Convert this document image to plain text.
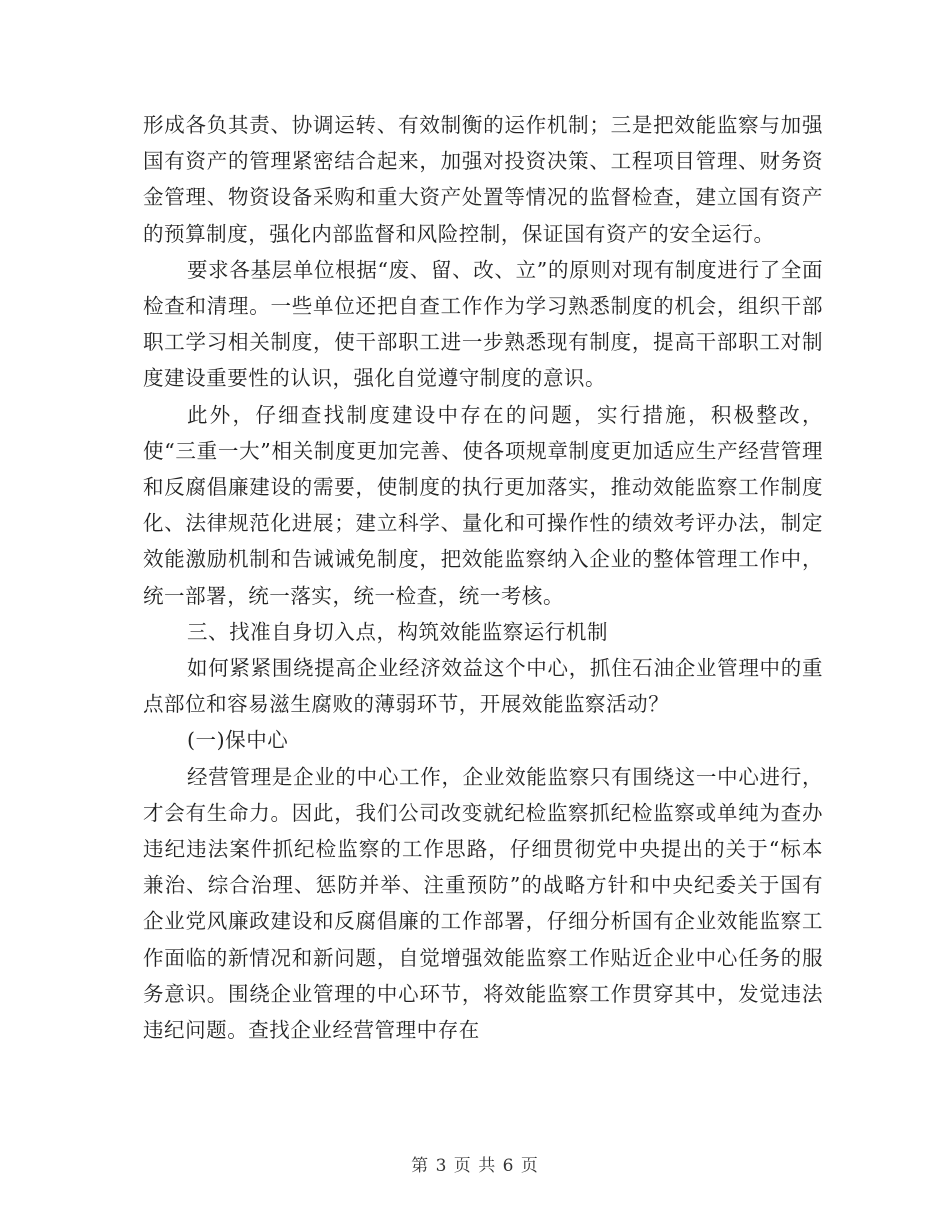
形成各负其责、协调运转、有效制衡的运作机制；三是把效能监察与加强国有资产的管理紧密结合起来，加强对投资决策、工程项目管理、财务资金管理、物资设备采购和重大资产处置等情况的监督检查，建立国有资产的预算制度，强化内部监督和风险控制，保证国有资产的安全运行。

要求各基层单位根据“废、留、改、立”的原则对现有制度进行了全面检查和清理。一些单位还把自查工作作为学习熟悉制度的机会，组织干部职工学习相关制度，使干部职工进一步熟悉现有制度，提高干部职工对制度建设重要性的认识，强化自觉遵守制度的意识。

此外，仔细查找制度建设中存在的问题，实行措施，积极整改，使“三重一大”相关制度更加完善、使各项规章制度更加适应生产经营管理和反腐倡廉建设的需要，使制度的执行更加落实，推动效能监察工作制度化、法律规范化进展；建立科学、量化和可操作性的绩效考评办法，制定效能激励机制和告诫诫免制度，把效能监察纳入企业的整体管理工作中，统一部署，统一落实，统一检查，统一考核。

三、找准自身切入点，构筑效能监察运行机制

如何紧紧围绕提高企业经济效益这个中心，抓住石油企业管理中的重点部位和容易滋生腐败的薄弱环节，开展效能监察活动？

(一)保中心

经营管理是企业的中心工作，企业效能监察只有围绕这一中心进行，才会有生命力。因此，我们公司改变就纪检监察抓纪检监察或单纯为查办违纪违法案件抓纪检监察的工作思路，仔细贯彻党中央提出的关于“标本兼治、综合治理、惩防并举、注重预防”的战略方针和中央纪委关于国有企业党风廉政建设和反腐倡廉的工作部署，仔细分析国有企业效能监察工作面临的新情况和新问题，自觉增强效能监察工作贴近企业中心任务的服务意识。围绕企业管理的中心环节，将效能监察工作贯穿其中，发觉违法违纪问题。查找企业经营管理中存在

第 3 页 共 6 页
